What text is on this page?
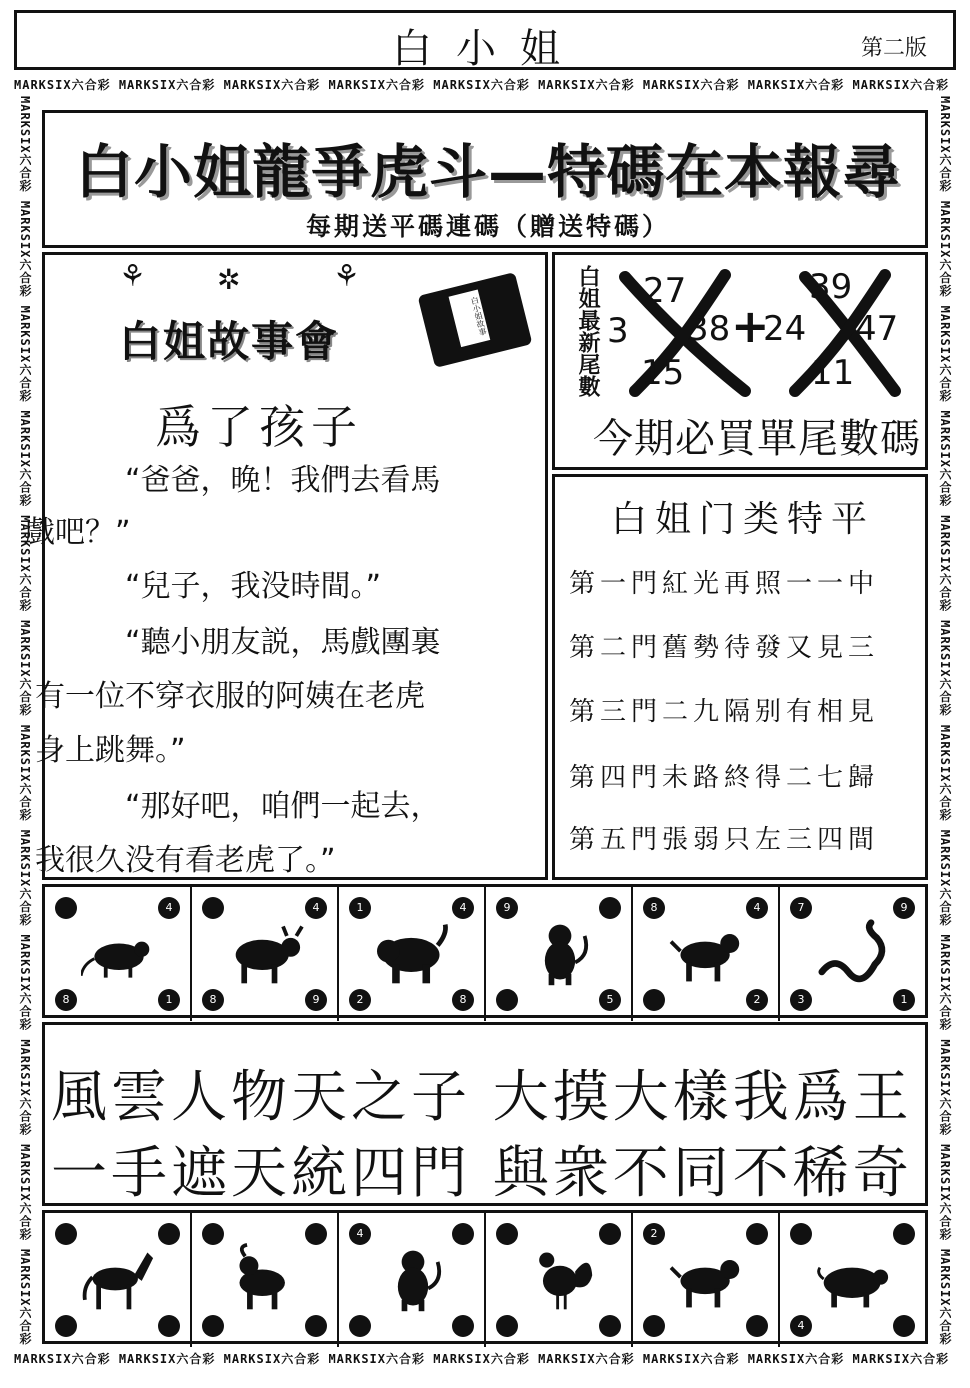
白小姐	第二版
MARKSIX六合彩 MARKSIX六合彩 MARKSIX六合彩 MARKSIX六合彩 MARKSIX六合彩 MARKSIX六合彩 MARKSIX六合彩 MARKSIX六合彩 MARKSIX六合彩
MARKSIX六合彩 MARKSIX六合彩 MARKSIX六合彩 MARKSIX六合彩 MARKSIX六合彩 MARKSIX六合彩 MARKSIX六合彩 MARKSIX六合彩 MARKSIX六合彩
MARKSIX六合彩 MARKSIX六合彩 MARKSIX六合彩 MARKSIX六合彩 MARKSIX六合彩 MARKSIX六合彩 MARKSIX六合彩 MARKSIX六合彩 MARKSIX六合彩 MARKSIX六合彩 MARKSIX六合彩 MARKSIX六合彩
MARKSIX六合彩 MARKSIX六合彩 MARKSIX六合彩 MARKSIX六合彩 MARKSIX六合彩 MARKSIX六合彩 MARKSIX六合彩 MARKSIX六合彩 MARKSIX六合彩 MARKSIX六合彩 MARKSIX六合彩 MARKSIX六合彩
白小姐龍爭虎斗—特碼在本報尋
每期送平碼連碼（贈送特碼）
⚘	⚘
✲
白姐故事會
白小姐故事
爲了孩子
“爸爸，晚！我們去看馬
戲吧？”
“兒子，我没時間。”
“聽小朋友説，馬戲團裏
有一位不穿衣服的阿姨在老虎
身上跳舞。”
“那好吧，咱們一起去，
我很久没有看老虎了。”
白姐最新尾數 27
3 38
15
+
39
24 47
11
今期必買單尾數碼
白姐门类特平
第一門紅光再照一一中
第二門舊勢待發又見三
第三門二九隔别有相見
第四門未路終得二七歸
第五門張弱只左三四間
4
8	1
4
8	9
1	4
2	8
9
5
8	4
2
7	9
3	1
風雲人物天之子 大摸大樣我爲王
一手遮天統四門 與衆不同不稀奇
4	2
4
